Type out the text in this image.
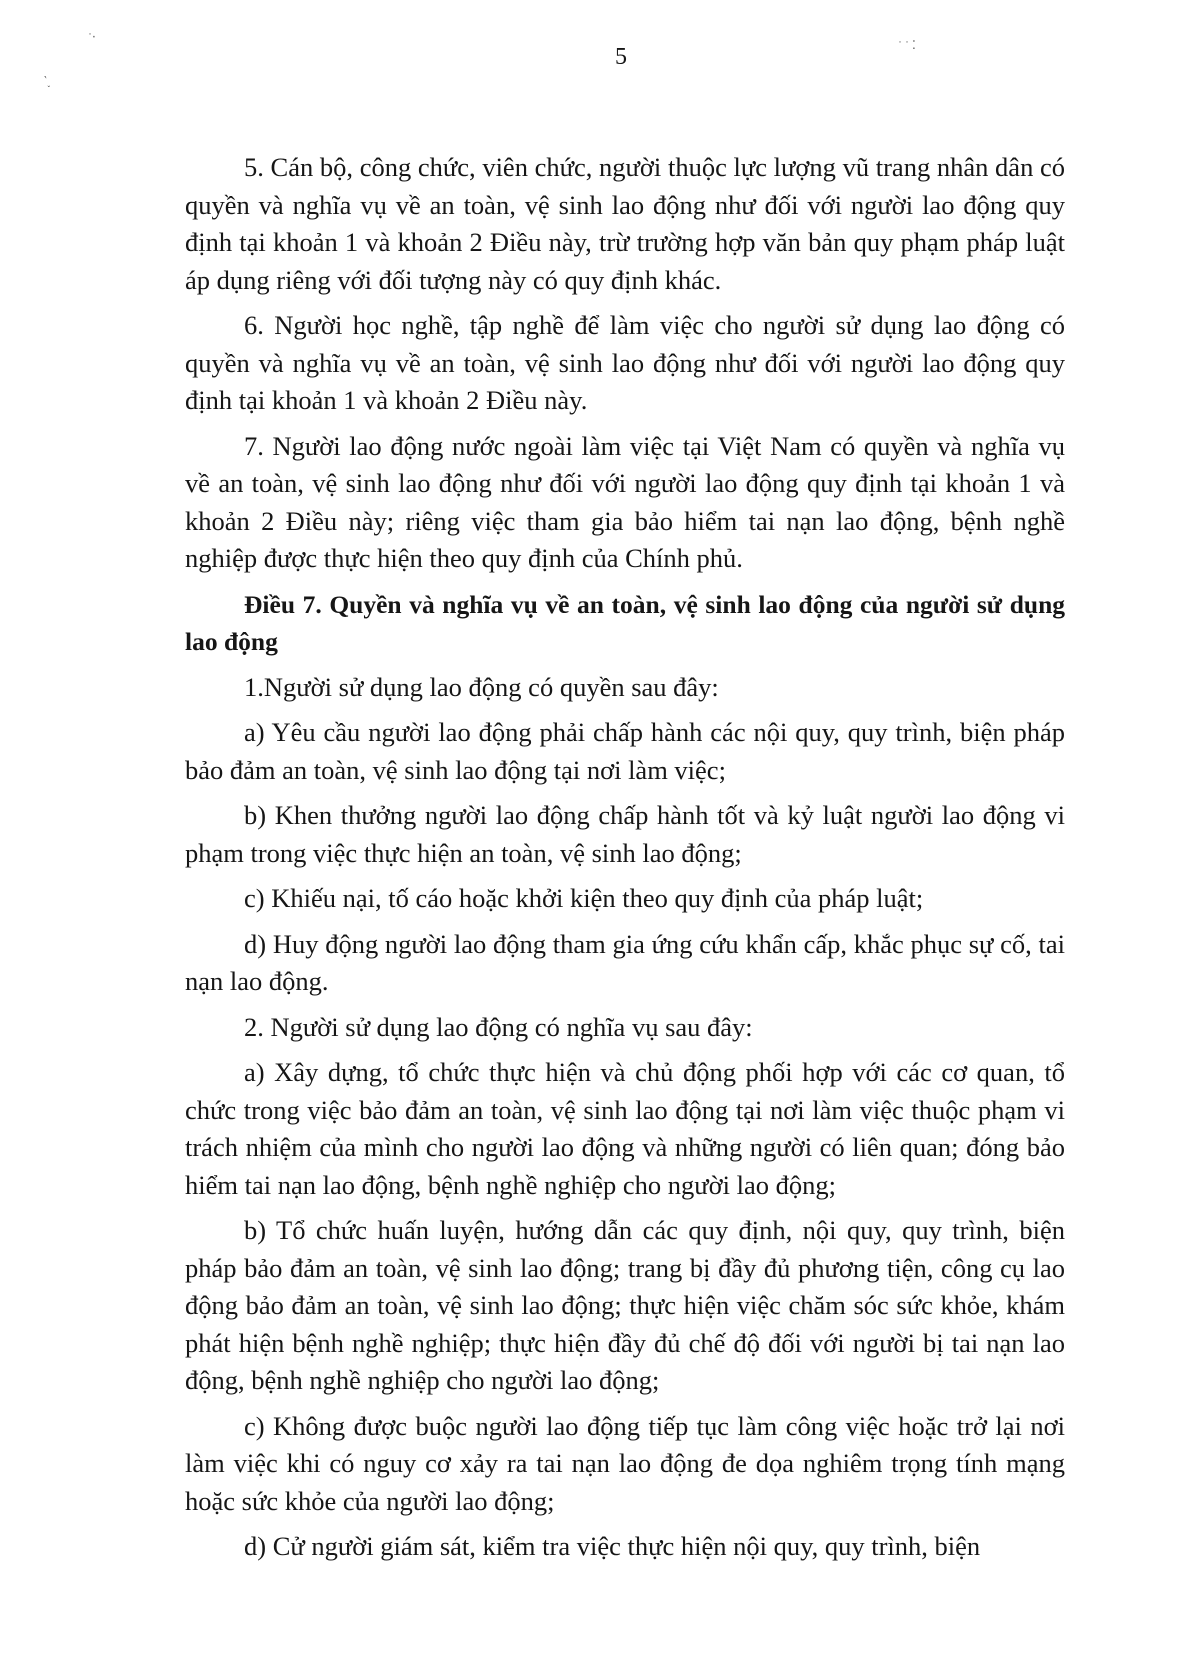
˙‧
‵˯
˙ ˙ ⁚
5

5. Cán bộ, công chức, viên chức, người thuộc lực lượng vũ trang nhân dân có quyền và nghĩa vụ về an toàn, vệ sinh lao động như đối với người lao động quy định tại khoản 1 và khoản 2 Điều này, trừ trường hợp văn bản quy phạm pháp luật áp dụng riêng với đối tượng này có quy định khác.

6. Người học nghề, tập nghề để làm việc cho người sử dụng lao động có quyền và nghĩa vụ về an toàn, vệ sinh lao động như đối với người lao động quy định tại khoản 1 và khoản 2 Điều này.

7. Người lao động nước ngoài làm việc tại Việt Nam có quyền và nghĩa vụ về an toàn, vệ sinh lao động như đối với người lao động quy định tại khoản 1 và khoản 2 Điều này; riêng việc tham gia bảo hiểm tai nạn lao động, bệnh nghề nghiệp được thực hiện theo quy định của Chính phủ.

Điều 7. Quyền và nghĩa vụ về an toàn, vệ sinh lao động của người sử dụng lao động

1.Người sử dụng lao động có quyền sau đây:

a) Yêu cầu người lao động phải chấp hành các nội quy, quy trình, biện pháp bảo đảm an toàn, vệ sinh lao động tại nơi làm việc;

b) Khen thưởng người lao động chấp hành tốt và kỷ luật người lao động vi phạm trong việc thực hiện an toàn, vệ sinh lao động;

c) Khiếu nại, tố cáo hoặc khởi kiện theo quy định của pháp luật;

d) Huy động người lao động tham gia ứng cứu khẩn cấp, khắc phục sự cố, tai nạn lao động.

2. Người sử dụng lao động có nghĩa vụ sau đây:

a) Xây dựng, tổ chức thực hiện và chủ động phối hợp với các cơ quan, tổ chức trong việc bảo đảm an toàn, vệ sinh lao động tại nơi làm việc thuộc phạm vi trách nhiệm của mình cho người lao động và những người có liên quan; đóng bảo hiểm tai nạn lao động, bệnh nghề nghiệp cho người lao động;

b) Tổ chức huấn luyện, hướng dẫn các quy định, nội quy, quy trình, biện pháp bảo đảm an toàn, vệ sinh lao động; trang bị đầy đủ phương tiện, công cụ lao động bảo đảm an toàn, vệ sinh lao động; thực hiện việc chăm sóc sức khỏe, khám phát hiện bệnh nghề nghiệp; thực hiện đầy đủ chế độ đối với người bị tai nạn lao động, bệnh nghề nghiệp cho người lao động;

c) Không được buộc người lao động tiếp tục làm công việc hoặc trở lại nơi làm việc khi có nguy cơ xảy ra tai nạn lao động đe dọa nghiêm trọng tính mạng hoặc sức khỏe của người lao động;

d) Cử người giám sát, kiểm tra việc thực hiện nội quy, quy trình, biện
